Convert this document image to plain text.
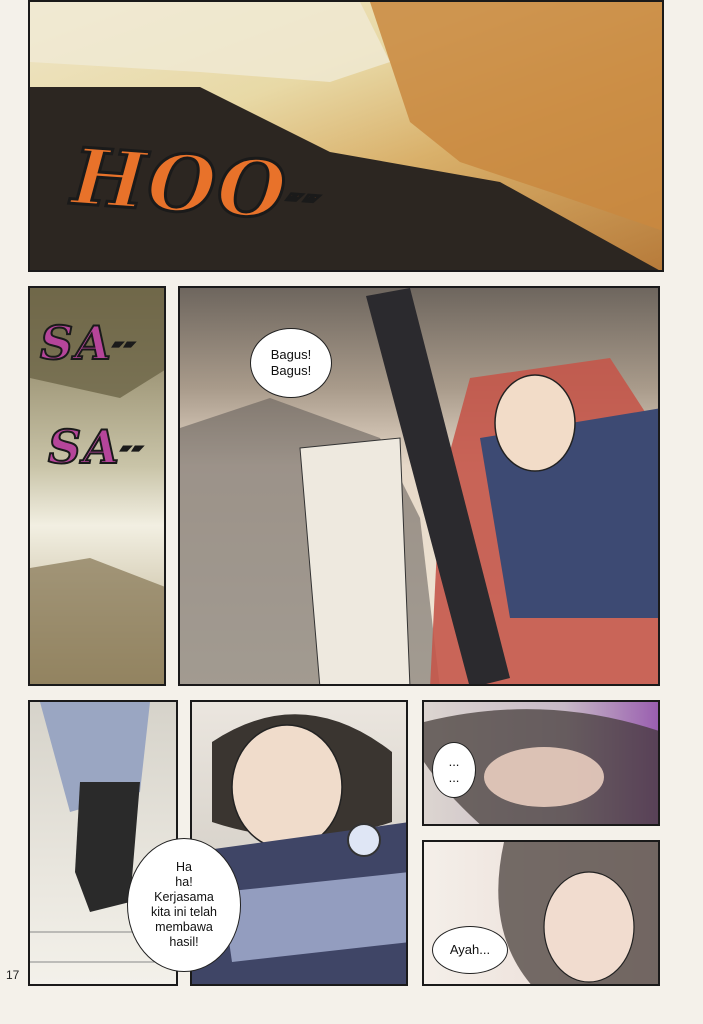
HOO″″
SA″″
SA″″
Bagus!
Bagus!
Ha
ha!
Kerjasama
kita ini telah
membawa
hasil!
...
...
Ayah...
17
